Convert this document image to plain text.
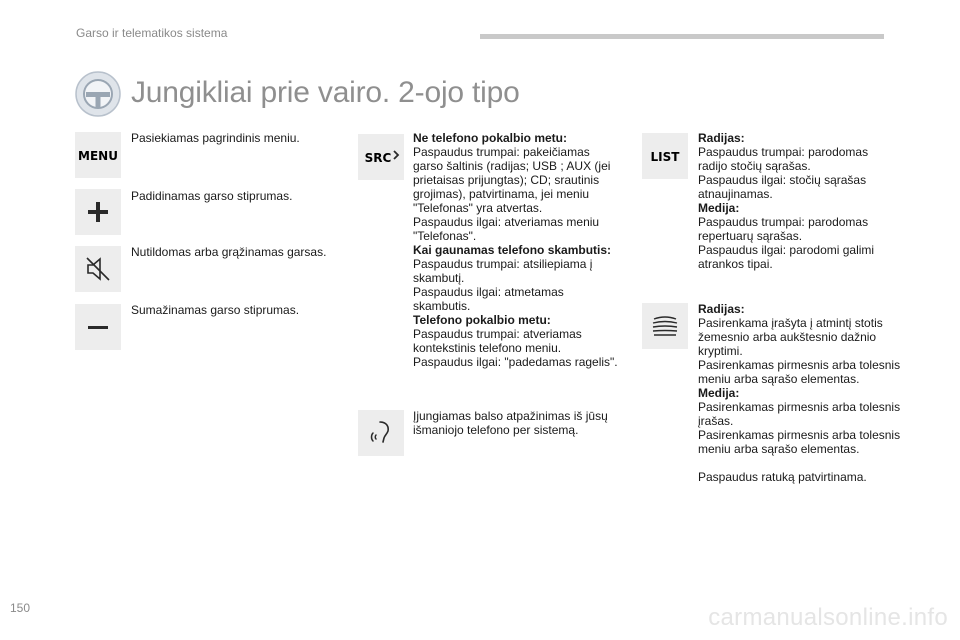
Garso ir telematikos sistema
Jungikliai prie vairo. 2-ojo tipo
MENU
Pasiekiamas pagrindinis meniu.
Padidinamas garso stiprumas.
Nutildomas arba grąžinamas garsas.
Sumažinamas garso stiprumas.
SRC
Ne telefono pokalbio metu:
Paspaudus trumpai: pakeičiamas
garso šaltinis (radijas; USB ; AUX (jei
prietaisas prijungtas); CD; srautinis
grojimas), patvirtinama, jei meniu
"Telefonas" yra atvertas.
Paspaudus ilgai: atveriamas meniu
"Telefonas".
Kai gaunamas telefono skambutis:
Paspaudus trumpai: atsiliepiama į
skambutį.
Paspaudus ilgai: atmetamas
skambutis.
Telefono pokalbio metu:
Paspaudus trumpai: atveriamas
kontekstinis telefono meniu.
Paspaudus ilgai: "padedamas ragelis".
Įjungiamas balso atpažinimas iš jūsų
išmaniojo telefono per sistemą.
LIST
Radijas:
Paspaudus trumpai: parodomas
radijo stočių sąrašas.
Paspaudus ilgai: stočių sąrašas
atnaujinamas.
Medija:
Paspaudus trumpai: parodomas
repertuarų sąrašas.
Paspaudus ilgai: parodomi galimi
atrankos tipai.
Radijas:
Pasirenkama įrašyta į atmintį stotis
žemesnio arba aukštesnio dažnio
kryptimi.
Pasirenkamas pirmesnis arba tolesnis
meniu arba sąrašo elementas.
Medija:
Pasirenkamas pirmesnis arba tolesnis
įrašas.
Pasirenkamas pirmesnis arba tolesnis
meniu arba sąrašo elementas.
Paspaudus ratuką patvirtinama.
150	carmanualsonline.info
